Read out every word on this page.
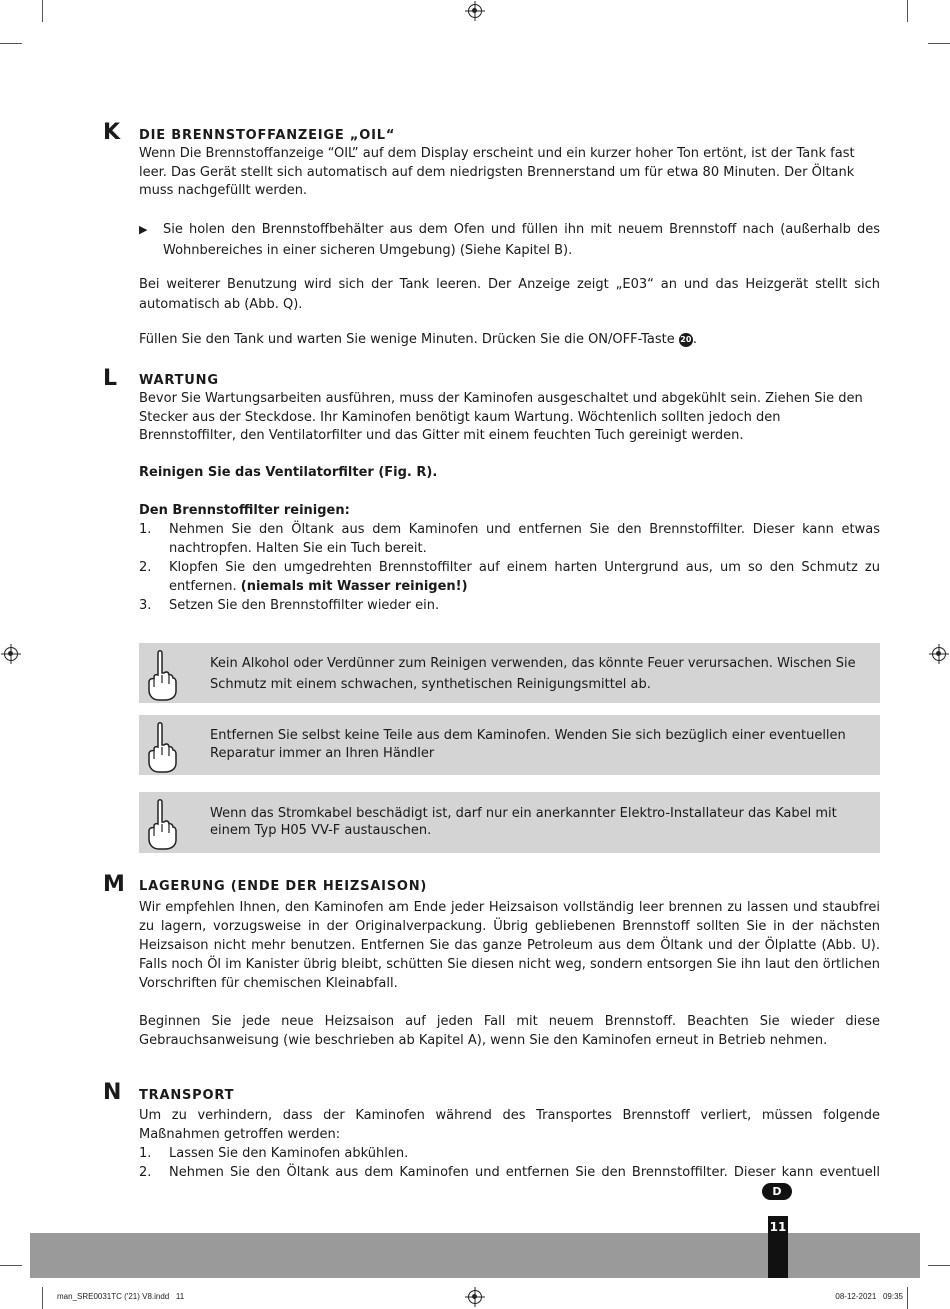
K DIE BRENNSTOFFANZEIGE „OIL“

Wenn Die Brennstoffanzeige “OIL” auf dem Display erscheint und ein kurzer hoher Ton ertönt, ist der Tank fast leer. Das Gerät stellt sich automatisch auf dem niedrigsten Brennerstand um für etwa 80 Minuten. Der Öltank muss nachgefüllt werden.

▶ Sie holen den Brennstoffbehälter aus dem Ofen und füllen ihn mit neuem Brennstoff nach (außerhalb des Wohnbereiches in einer sicheren Umgebung) (Siehe Kapitel B).

Bei weiterer Benutzung wird sich der Tank leeren. Der Anzeige zeigt „E03“ an und das Heizgerät stellt sich automatisch ab (Abb. Q).

Füllen Sie den Tank und warten Sie wenige Minuten. Drücken Sie die ON/OFF-Taste 20.

L WARTUNG

Bevor Sie Wartungsarbeiten ausführen, muss der Kaminofen ausgeschaltet und abgekühlt sein. Ziehen Sie den Stecker aus der Steckdose. Ihr Kaminofen benötigt kaum Wartung. Wöchtenlich sollten jedoch den Brennstoffilter, den Ventilatorfilter und das Gitter mit einem feuchten Tuch gereinigt werden.

Reinigen Sie das Ventilatorfilter (Fig. R).

Den Brennstoffilter reinigen:

1. Nehmen Sie den Öltank aus dem Kaminofen und entfernen Sie den Brennstoffilter. Dieser kann etwas nachtropfen. Halten Sie ein Tuch bereit.
2. Klopfen Sie den umgedrehten Brennstoffilter auf einem harten Untergrund aus, um so den Schmutz zu entfernen. (niemals mit Wasser reinigen!)
3. Setzen Sie den Brennstoffilter wieder ein.
Kein Alkohol oder Verdünner zum Reinigen verwenden, das könnte Feuer verursachen. Wischen Sie Schmutz mit einem schwachen, synthetischen Reinigungsmittel ab.
Entfernen Sie selbst keine Teile aus dem Kaminofen. Wenden Sie sich bezüglich einer eventuellen Reparatur immer an Ihren Händler
Wenn das Stromkabel beschädigt ist, darf nur ein anerkannter Elektro-Installateur das Kabel mit einem Typ H05 VV-F austauschen.
M LAGERUNG (ENDE DER HEIZSAISON)

Wir empfehlen Ihnen, den Kaminofen am Ende jeder Heizsaison vollständig leer brennen zu lassen und staubfrei zu lagern, vorzugsweise in der Originalverpackung. Übrig gebliebenen Brennstoff sollten Sie in der nächsten Heizsaison nicht mehr benutzen. Entfernen Sie das ganze Petroleum aus dem Öltank und der Ölplatte (Abb. U). Falls noch Öl im Kanister übrig bleibt, schütten Sie diesen nicht weg, sondern entsorgen Sie ihn laut den örtlichen Vorschriften für chemischen Kleinabfall.

Beginnen Sie jede neue Heizsaison auf jeden Fall mit neuem Brennstoff. Beachten Sie wieder diese Gebrauchsanweisung (wie beschrieben ab Kapitel A), wenn Sie den Kaminofen erneut in Betrieb nehmen.

N TRANSPORT

Um zu verhindern, dass der Kaminofen während des Transportes Brennstoff verliert, müssen folgende Maßnahmen getroffen werden:

1. Lassen Sie den Kaminofen abkühlen.
2. Nehmen Sie den Öltank aus dem Kaminofen und entfernen Sie den Brennstoffilter. Dieser kann eventuell
D
11
man_SRE0031TC ('21) V8.indd   11	08-12-2021   09:35
